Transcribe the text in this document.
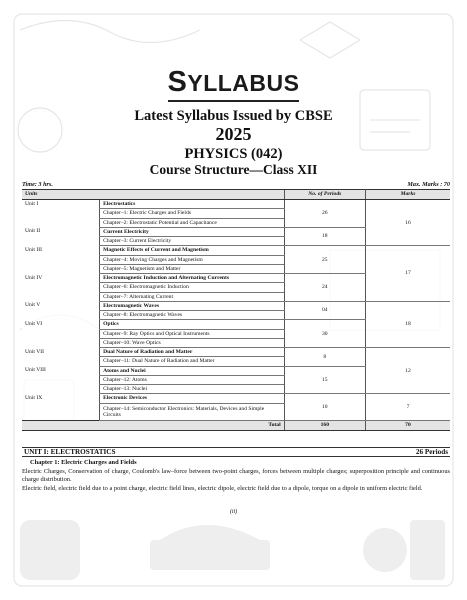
SYLLABUS
Latest Syllabus Issued by CBSE
2025
PHYSICS (042)
Course Structure—Class XII
Time: 3 hrs.	Max. Marks : 70
Units		No. of Periods	Marks
Unit I	Electrostatics	26	16
	Chapter–1: Electric Charges and Fields		
	Chapter–2: Electrostatic Potential and Capacitance		
Unit II	Current Electricity	18	
	Chapter–3: Current Electricity		
Unit III	Magnetic Effects of Current and Magnetism	25	17
	Chapter–4: Moving Charges and Magnetism		
	Chapter–5: Magnetism and Matter		
Unit IV	Electromagnetic Induction and Alternating Currents	24	
	Chapter–6: Electromagnetic Induction		
	Chapter–7: Alternating Current		
Unit V	Electromagnetic Waves	04	18
	Chapter–8: Electromagnetic Waves		
Unit VI	Optics	30	
	Chapter–9: Ray Optics and Optical Instruments		
	Chapter–10: Wave Optics		
Unit VII	Dual Nature of Radiation and Matter	8	12
	Chapter–11: Dual Nature of Radiation and Matter		
Unit VIII	Atoms and Nuclei	15	
	Chapter–12: Atoms		
	Chapter–13: Nuclei		
Unit IX	Electronic Devices	10	7
	Chapter–14: Semiconductor Electronics: Materials, Devices and Simple Circuits		
Total		160	70
UNIT I: ELECTROSTATICS	26 Periods
Chapter 1: Electric Charges and Fields

Electric Charges, Conservation of charge, Coulomb's law–force between two-point charges, forces between multiple charges; superposition principle and continuous charge distribution.

Electric field, electric field due to a point charge, electric field lines, electric dipole, electric field due to a dipole, torque on a dipole in uniform electric field.

(ii)
